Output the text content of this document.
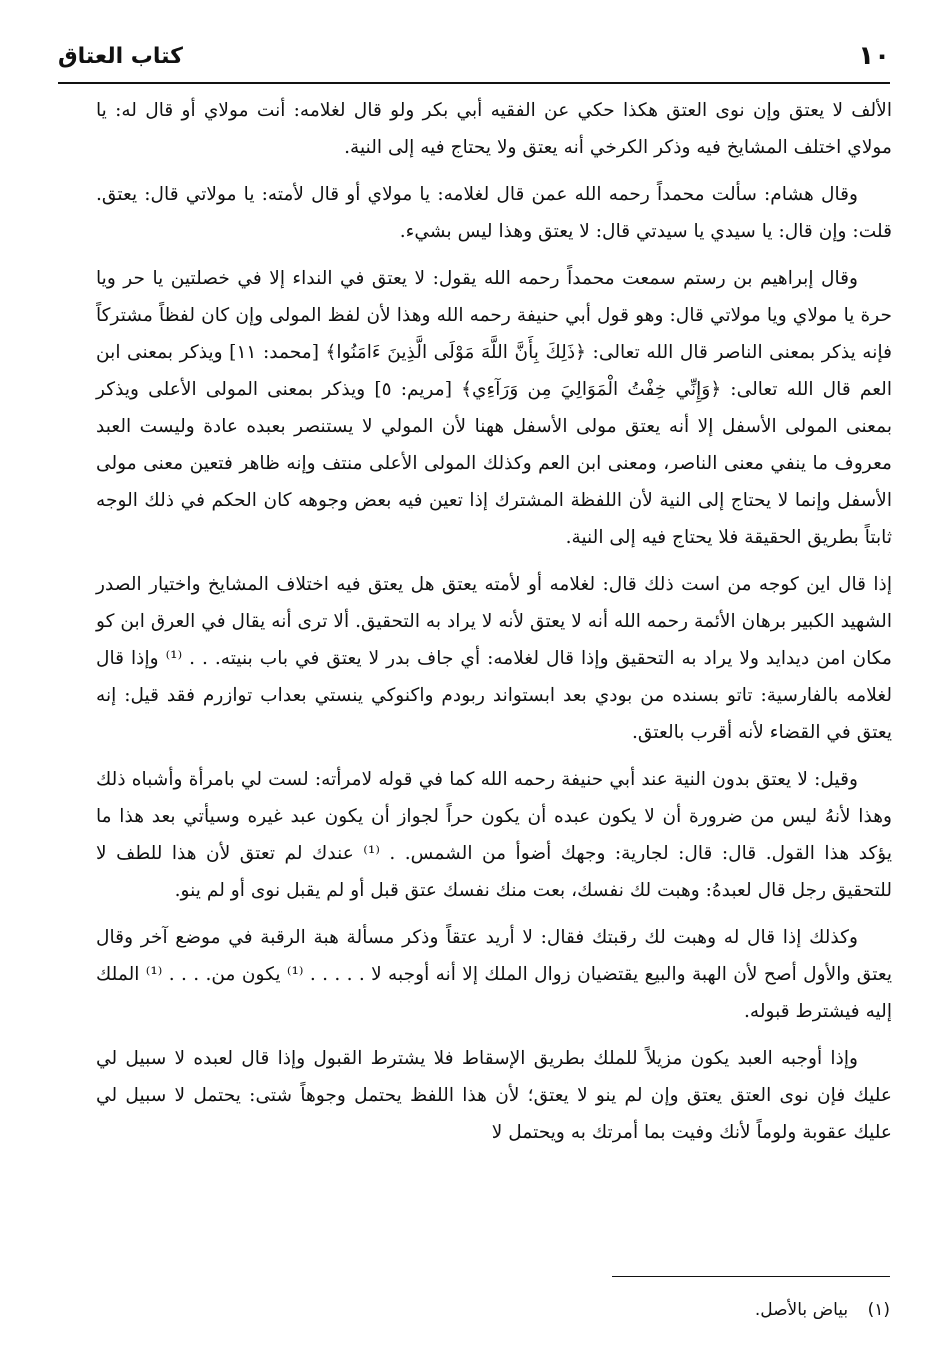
١٠
كتاب العتاق

الألف لا يعتق وإن نوى العتق هكذا حكي عن الفقيه أبي بكر ولو قال لغلامه: أنت مولاي أو قال له: يا مولاي اختلف المشايخ فيه وذكر الكرخي أنه يعتق ولا يحتاج فيه إلى النية.

وقال هشام: سألت محمداً رحمه الله عمن قال لغلامه: يا مولاي أو قال لأمته: يا مولاتي قال: يعتق. قلت: وإن قال: يا سيدي يا سيدتي قال: لا يعتق وهذا ليس بشيء.

وقال إبراهيم بن رستم سمعت محمداً رحمه الله يقول: لا يعتق في النداء إلا في خصلتين يا حر ويا حرة يا مولاي ويا مولاتي قال: وهو قول أبي حنيفة رحمه الله وهذا لأن لفظ المولى وإن كان لفظاً مشتركاً فإنه يذكر بمعنى الناصر قال الله تعالى: ﴿ذَلِكَ بِأَنَّ اللَّهَ مَوْلَى الَّذِينَ ءَامَنُوا﴾ [محمد: ١١] ويذكر بمعنى ابن العم قال الله تعالى: ﴿وَإِنِّي خِفْتُ الْمَوَالِيَ مِن وَرَآءِي﴾ [مريم: ٥] ويذكر بمعنى المولى الأعلى ويذكر بمعنى المولى الأسفل إلا أنه يعتق مولى الأسفل ههنا لأن المولي لا يستنصر بعبده عادة وليست العبد معروف ما ينفي معنى الناصر، ومعنى ابن العم وكذلك المولى الأعلى منتف وإنه ظاهر فتعين معنى مولى الأسفل وإنما لا يحتاج إلى النية لأن اللفظة المشترك إذا تعين فيه بعض وجوهه كان الحكم في ذلك الوجه ثابتاً بطريق الحقيقة فلا يحتاج فيه إلى النية.

إذا قال اين كوجه من است ذلك قال: لغلامه أو لأمته يعتق هل يعتق فيه اختلاف المشايخ واختيار الصدر الشهيد الكبير برهان الأئمة رحمه الله أنه لا يعتق لأنه لا يراد به التحقيق. ألا ترى أنه يقال في العرق ابن كو مكان امن ديدايد ولا يراد به التحقيق وإذا قال لغلامه: أي جاف بدر لا يعتق في باب بنيته. . . ⁽¹⁾ وإذا قال لغلامه بالفارسية: تاتو بسنده من بودي بعد ابستواند ربودم واكنوكي ينستي بعداب توازرم فقد قيل: إنه يعتق في القضاء لأنه أقرب بالعتق.

وقيل: لا يعتق بدون النية عند أبي حنيفة رحمه الله كما في قوله لامرأته: لست لي بامرأة وأشباه ذلك وهذا لأنهُ ليس من ضرورة أن لا يكون عبده أن يكون حراً لجواز أن يكون عبد غيره وسيأتي بعد هذا ما يؤكد هذا القول. قال: قال: لجارية: وجهك أضوأ من الشمس. . ⁽¹⁾ عندك لم تعتق لأن هذا للطف لا للتحقيق رجل قال لعبدهُ: وهبت لك نفسك، بعت منك نفسك عتق قبل أو لم يقبل نوى أو لم ينو.

وكذلك إذا قال له وهبت لك رقبتك فقال: لا أريد عتقاً وذكر مسألة هبة الرقبة في موضع آخر وقال يعتق والأول أصح لأن الهبة والبيع يقتضيان زوال الملك إلا أنه أوجبه لا . . . . . ⁽¹⁾ يكون من. . . . ⁽¹⁾ الملك إليه فيشترط قبوله.

وإذا أوجبه العبد يكون مزيلاً للملك بطريق الإسقاط فلا يشترط القبول وإذا قال لعبده لا سبيل لي عليك فإن نوى العتق يعتق وإن لم ينو لا يعتق؛ لأن هذا اللفظ يحتمل وجوهاً شتى: يحتمل لا سبيل لي عليك عقوبة ولوماً لأنك وفيت بما أمرتك به ويحتمل لا

(١) بياض بالأصل.
